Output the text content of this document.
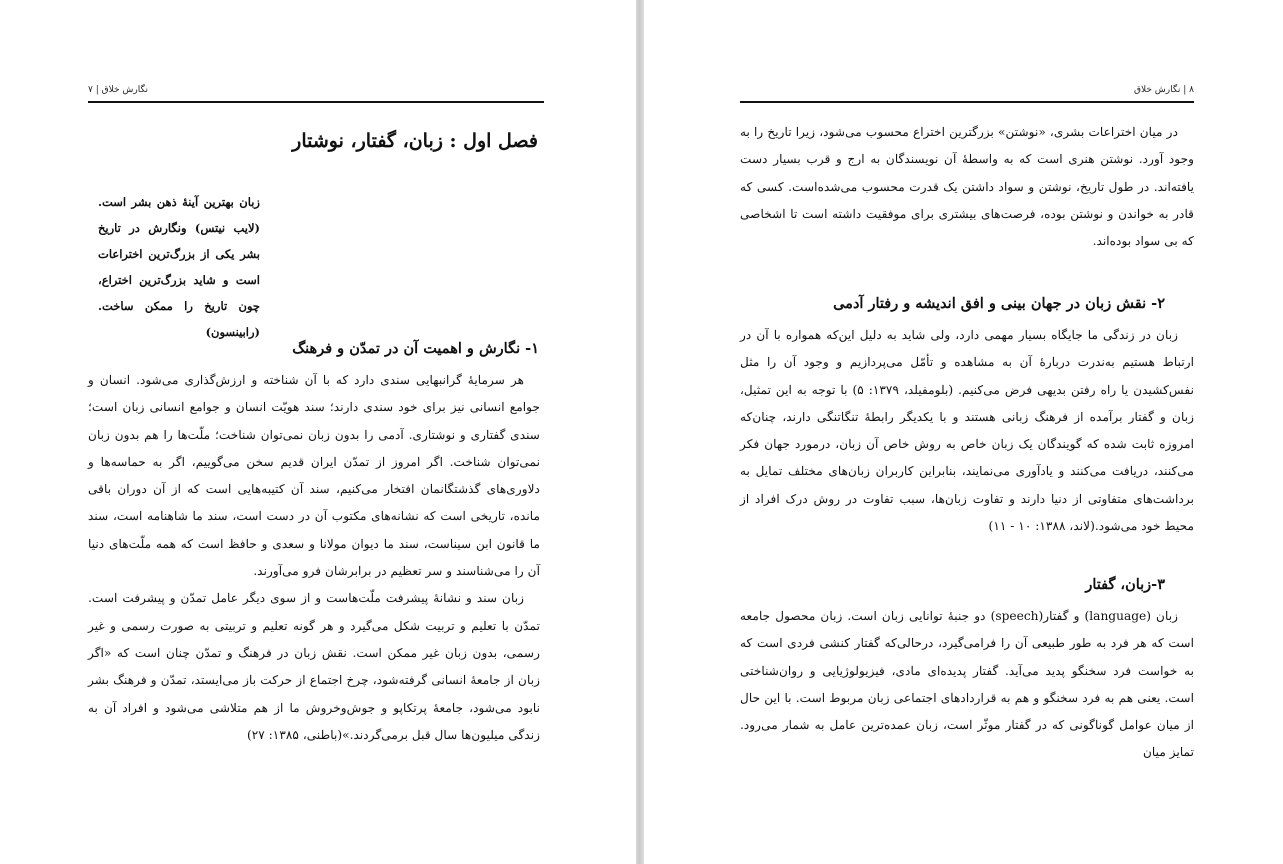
نگارش خلاق | ۷
فصل اول : زبان، گفتار، نوشتار
زبان بهترین آینهٔ ذهن بشر است.(لایب نیتس) ونگارش در تاریخ بشر یکی از بزرگ‌ترین اختراعات است و شاید بزرگ‌ترین اختراع، چون تاریخ را ممکن ساخت. (رابینسون)
۱- نگارش و اهمیت آن در تمدّن و فرهنگ

هر سرمایهٔ گرانبهایی سندی دارد که با آن شناخته و ارزش‌گذاری می‌شود. انسان و جوامع انسانی نیز برای خود سندی دارند؛ سند هویّت انسان و جوامع انسانی زبان است؛ سندی گفتاری و نوشتاری. آدمی را بدون زبان نمی‌توان شناخت؛ ملّت‌ها را هم بدون زبان نمی‌توان شناخت. اگر امروز از تمدّن ایران قدیم سخن می‌گوییم، اگر به حماسه‌ها و دلاوری‌های گذشتگانمان افتخار می‌کنیم، سند آن کتیبه‌هایی است که از آن دوران باقی مانده، تاریخی است که نشانه‌های مکتوب آن در دست است، سند ما شاهنامه است، سند ما قانون ابن سیناست، سند ما دیوان مولانا و سعدی و حافظ است که همه ملّت‌های دنیا آن را می‌شناسند و سر تعظیم در برابرشان فرو می‌آورند.

زبان سند و نشانهٔ پیشرفت ملّت‌هاست و از سوی دیگر عامل تمدّن و پیشرفت است. تمدّن با تعلیم و تربیت شکل می‌گیرد و هر گونه تعلیم و تربیتی به صورت رسمی و غیر رسمی، بدون زبان غیر ممکن است. نقش زبان در فرهنگ و تمدّن چنان است که «اگر زبان از جامعهٔ انسانی گرفته‌شود، چرخ اجتماع از حرکت باز می‌ایستد، تمدّن و فرهنگ بشر نابود می‌شود، جامعهٔ پرتکاپو و جوش‌وخروش ما از هم متلاشی می‌شود و افراد آن به زندگی میلیون‌ها سال قبل برمی‌گردند.»(باطنی، ۱۳۸۵: ۲۷)

۸ | نگارش خلاق

در میان اختراعات بشری، «نوشتن» بزرگترین اختراع محسوب می‌شود، زیرا تاریخ را به وجود آورد. نوشتن هنری است که به واسطهٔ آن نویسندگان به ارج و قرب بسیار دست یافته‌اند. در طول تاریخ، نوشتن و سواد داشتن یک قدرت محسوب می‌شده‌است. کسی که قادر به خواندن و نوشتن بوده، فرصت‌های بیشتری برای موفقیت داشته است تا اشخاصی که بی سواد بوده‌اند.

۲- نقش زبان در جهان بینی و افق اندیشه و رفتار آدمی

زبان در زندگی ما جایگاه بسیار مهمی دارد، ولی شاید به دلیل این‌که همواره با آن در ارتباط هستیم به‌ندرت دربارهٔ آن به مشاهده و تأمّل می‌پردازیم و وجود آن را مثل نفس‌کشیدن یا راه رفتن بدیهی فرض می‌کنیم. (بلومفیلد، ۱۳۷۹: ۵) با توجه به این تمثیل، زبان و گفتار برآمده از فرهنگ زبانی هستند و با یکدیگر رابطهٔ تنگاتنگی دارند، چنان‌که امروزه ثابت شده که گویندگان یک زبان خاص به روش خاص آن زبان، درمورد جهان فکر می‌کنند، دریافت می‌کنند و یادآوری می‌نمایند، بنابراین کاربران زبان‌های مختلف تمایل به برداشت‌های متفاوتی از دنیا دارند و تفاوت زبان‌ها، سبب تفاوت در روش درک افراد از محیط خود می‌شود.(لاند، ۱۳۸۸: ۱۰ - ۱۱)

۳-زبان، گفتار

زبان (language) و گفتار(speech) دو جنبهٔ توانایی زبان است. زبان محصول جامعه است که هر فرد به طور طبیعی آن را فرامی‌گیرد، درحالی‌که گفتار کنشی فردی است که به خواست فرد سخنگو پدید می‌آید. گفتار پدیده‌ای مادی، فیزیولوژیایی و روان‌شناختی است. یعنی هم به فرد سخنگو و هم به قراردادهای اجتماعی زبان مربوط است. با این حال از میان عوامل گوناگونی که در گفتار موثّر است، زبان عمده‌ترین عامل به شمار می‌رود. تمایز میان
